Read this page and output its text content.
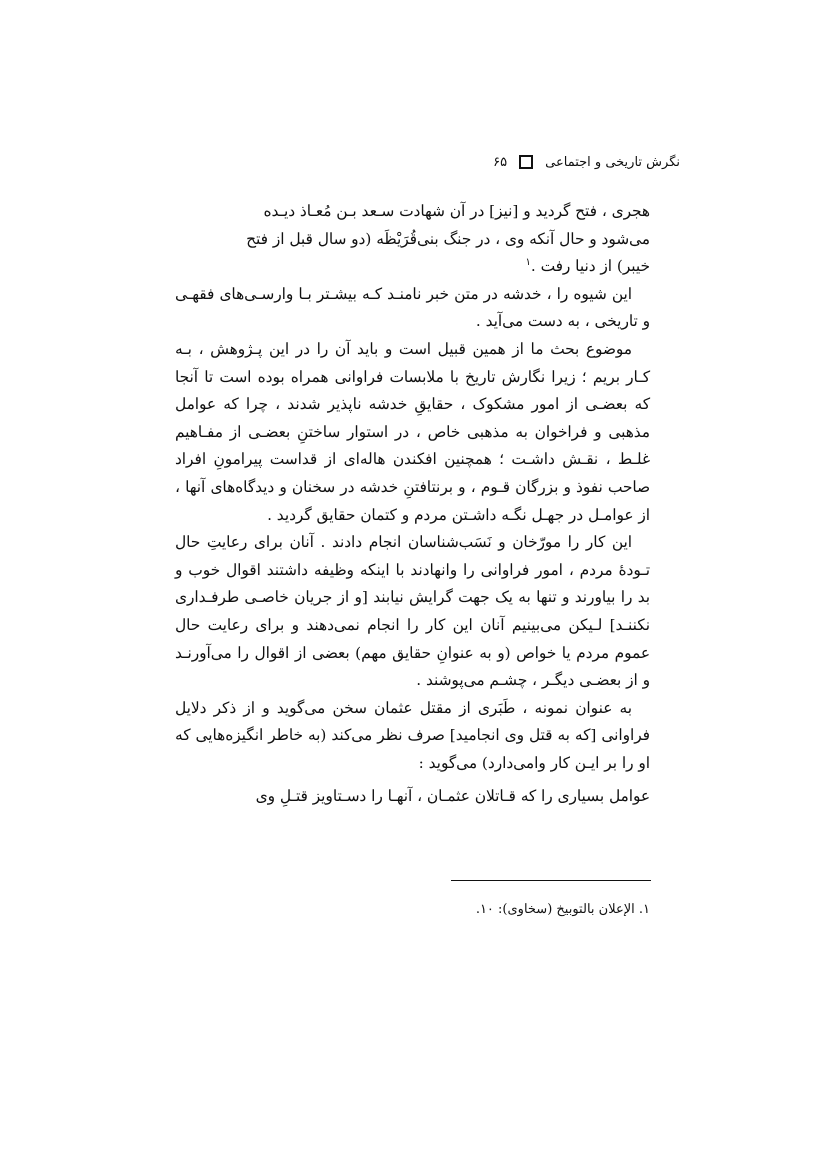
نگرش تاریخی و اجتماعی
۶۵

هجری ، فتح گردید و [نیز] در آن شهادت سـعد بـن مُعـاذ دیـده

می‌شود و حال آنکه وی ، در جنگ بنی‌قُرَیْظَه (دو سال قبل از فتح

خیبر) از دنیا رفت .$^۱$

این شیوه را ، خدشه در متن خبر نامنـد کـه بیشـتر بـا وارسـی‌های فقهـی و تاریخی ، به دست می‌آید .

موضوع بحث ما از همین قبیل است و باید آن را در این پـژوهش ، بـه کـار بریم ؛ زیرا نگارش تاریخ با ملابسات فراوانی همراه بوده است تا آنجا که بعضـی از امور مشکوک ، حقایقِ خدشه ناپذیر شدند ، چرا که عوامل مذهبی و فراخوان به مذهبی خاص ، در استوار ساختنِ بعضـی از مفـاهیم غلـط ، نقـش داشـت ؛ همچنین افکندن هاله‌ای از قداست پیرامونِ افراد صاحب نفوذ و بزرگان قـوم ، و برنتافتنِ خدشه در سخنان و دیدگاه‌های آنها ، از عوامـل در جهـل نگـه داشـتن مردم و کتمان حقایق گردید .

این کار را مورّخان و نَسَب‌شناسان انجام دادند . آنان برای رعایتِ حال تـودهٔ مردم ، امور فراوانی را وانهادند با اینکه وظیفه داشتند اقوال خوب و بد را بیاورند و تنها به یک جهت گرایش نیابند [و از جریان خاصـی طرفـداری نکننـد] لـیکن می‌بینیم آنان این کار را انجام نمی‌دهند و برای رعایت حال عموم مردم یا خواص (و به عنوانِ حقایق مهم) بعضی از اقوال را می‌آورنـد و از بعضـی دیگـر ، چشـم می‌پوشند .

به عنوان نمونه ، طَبَری از مقتل عثمان سخن می‌گوید و از ذکر دلایل فراوانی [که به قتل وی انجامید] صرف نظر می‌کند (به خاطر انگیزه‌هایی که او را بر ایـن کار وامی‌دارد) می‌گوید :

عوامل بسیاری را که قـاتلان عثمـان ، آنهـا را دسـتاویز قتـلِ وی

۱. الإعلان بالتوبیخ (سخاوی): ۱۰.
